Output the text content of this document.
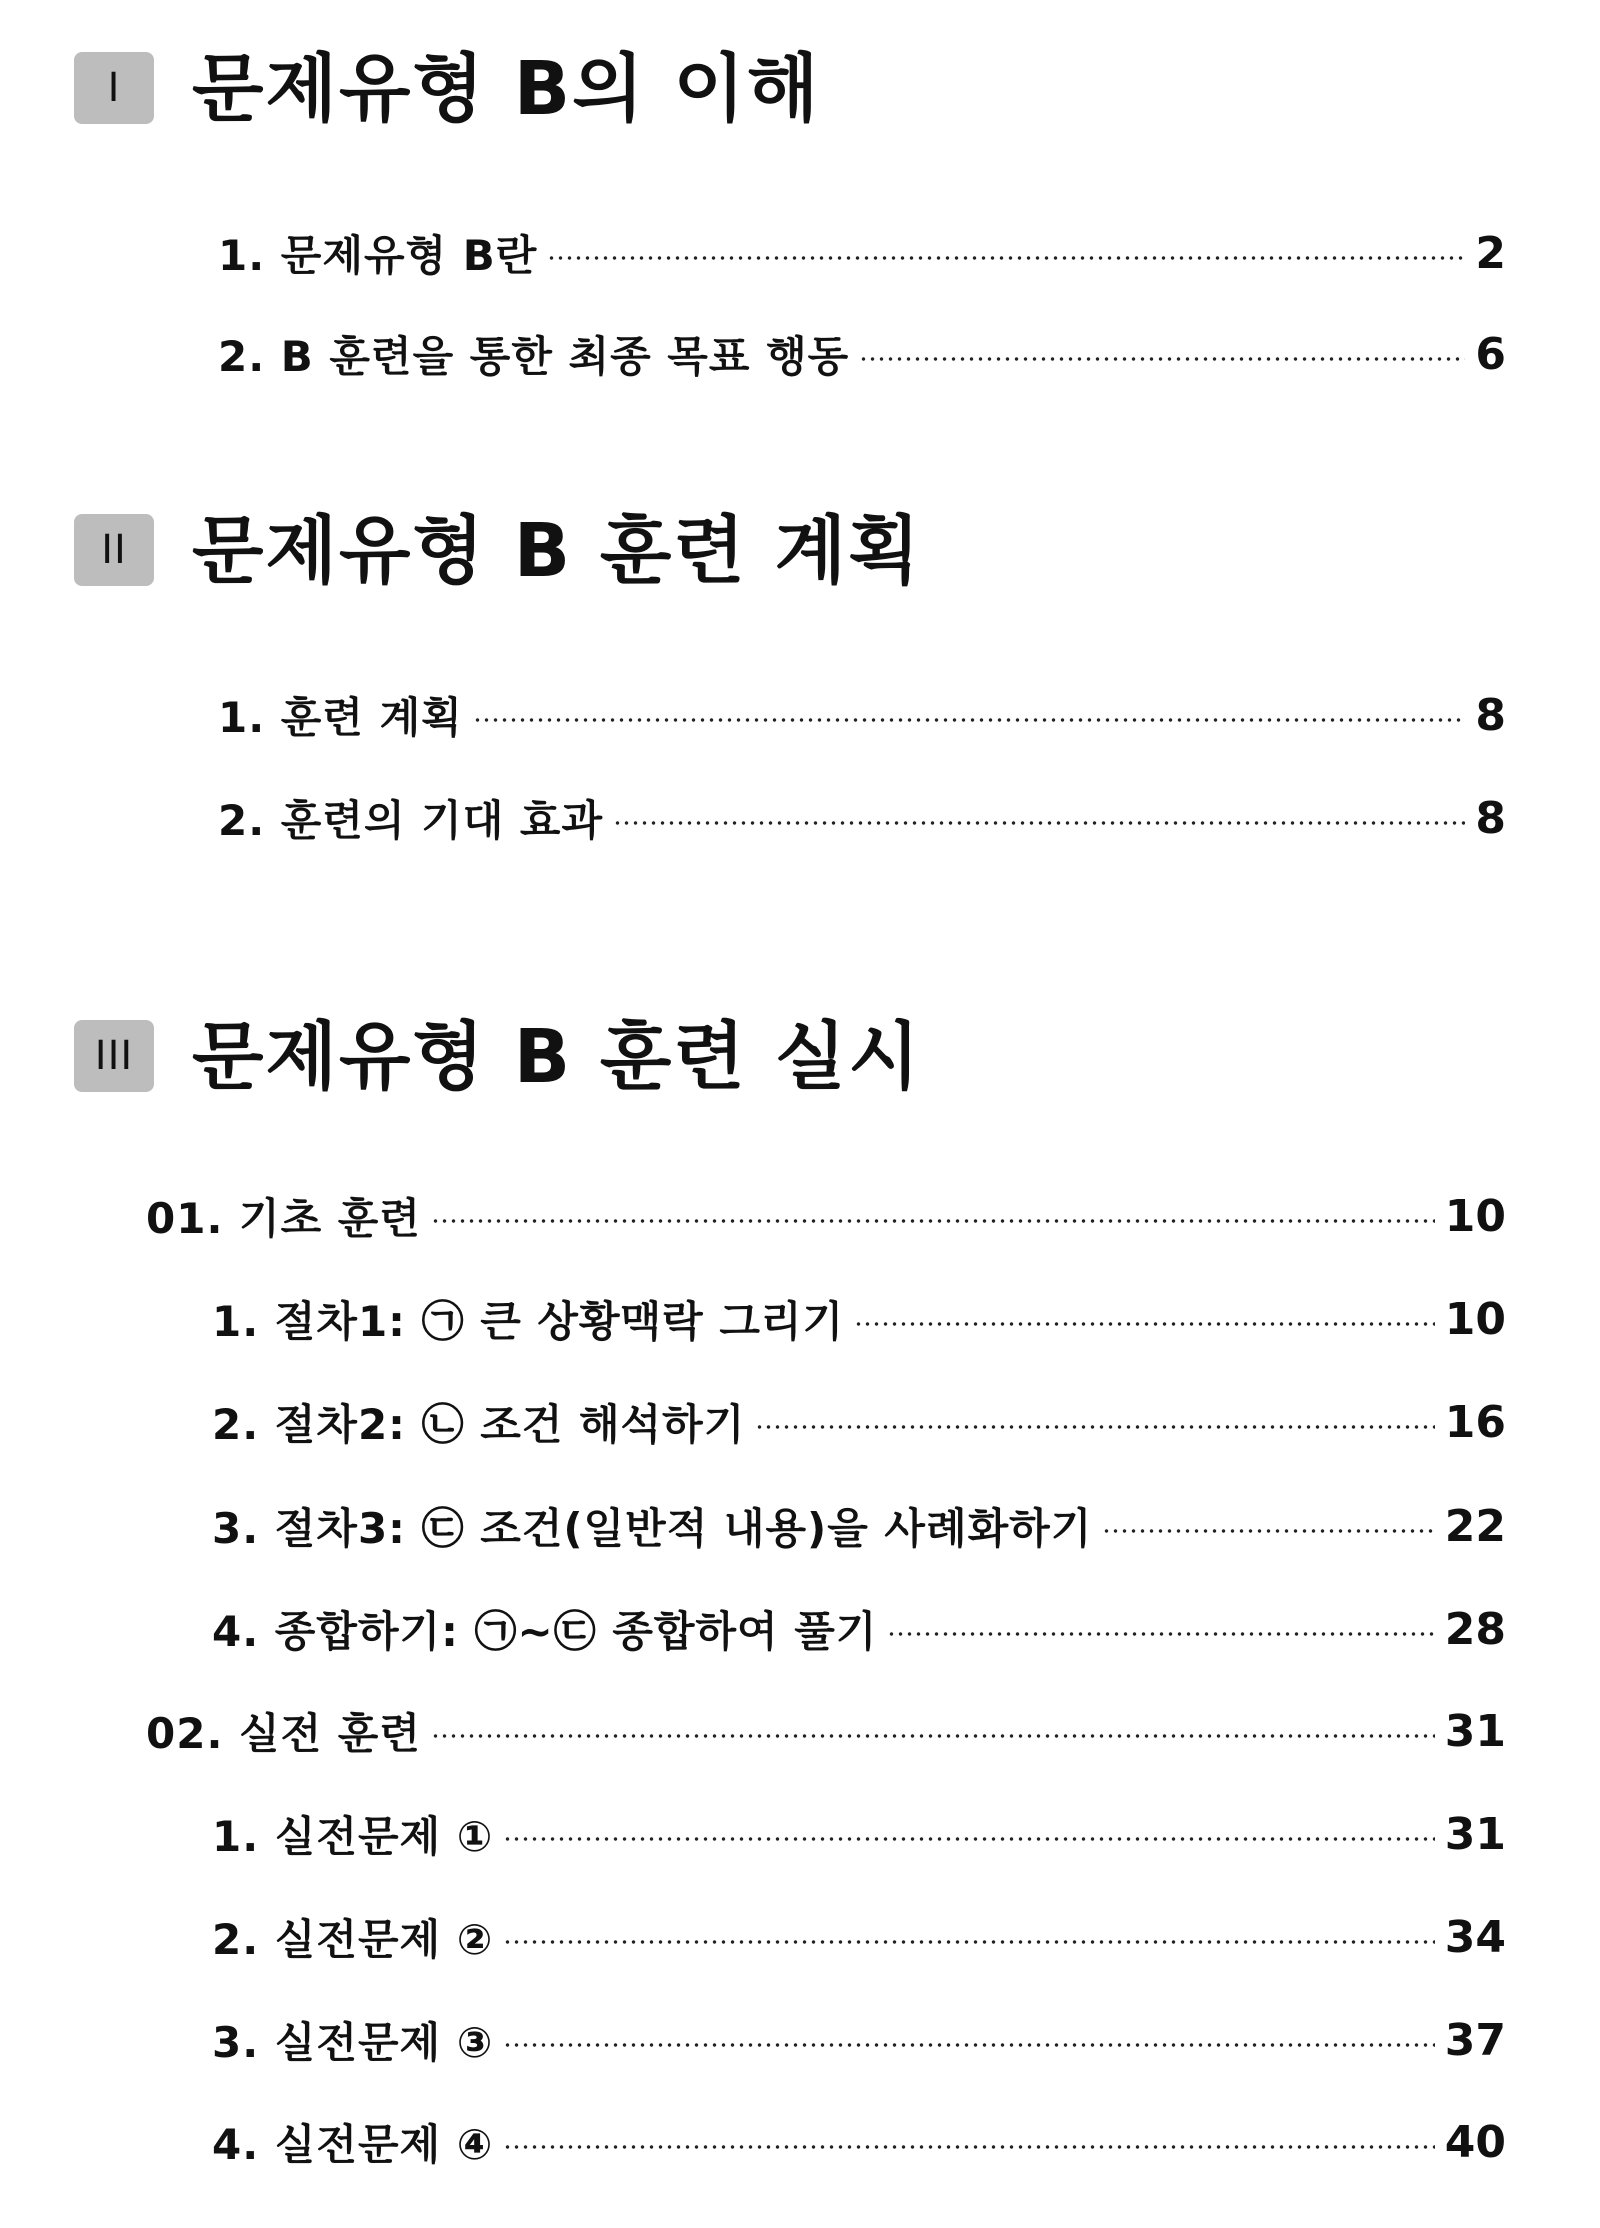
I 문제유형 B의 이해
1. 문제유형 B란	2
2. B 훈련을 통한 최종 목표 행동	6
II 문제유형 B 훈련 계획
1. 훈련 계획	8
2. 훈련의 기대 효과	8
III 문제유형 B 훈련 실시
01. 기초 훈련	10
1. 절차1: ㉠ 큰 상황맥락 그리기	10
2. 절차2: ㉡ 조건 해석하기	16
3. 절차3: ㉢ 조건(일반적 내용)을 사례화하기	22
4. 종합하기: ㉠~㉢ 종합하여 풀기	28
02. 실전 훈련	31
1. 실전문제 ①	31
2. 실전문제 ②	34
3. 실전문제 ③	37
4. 실전문제 ④	40
